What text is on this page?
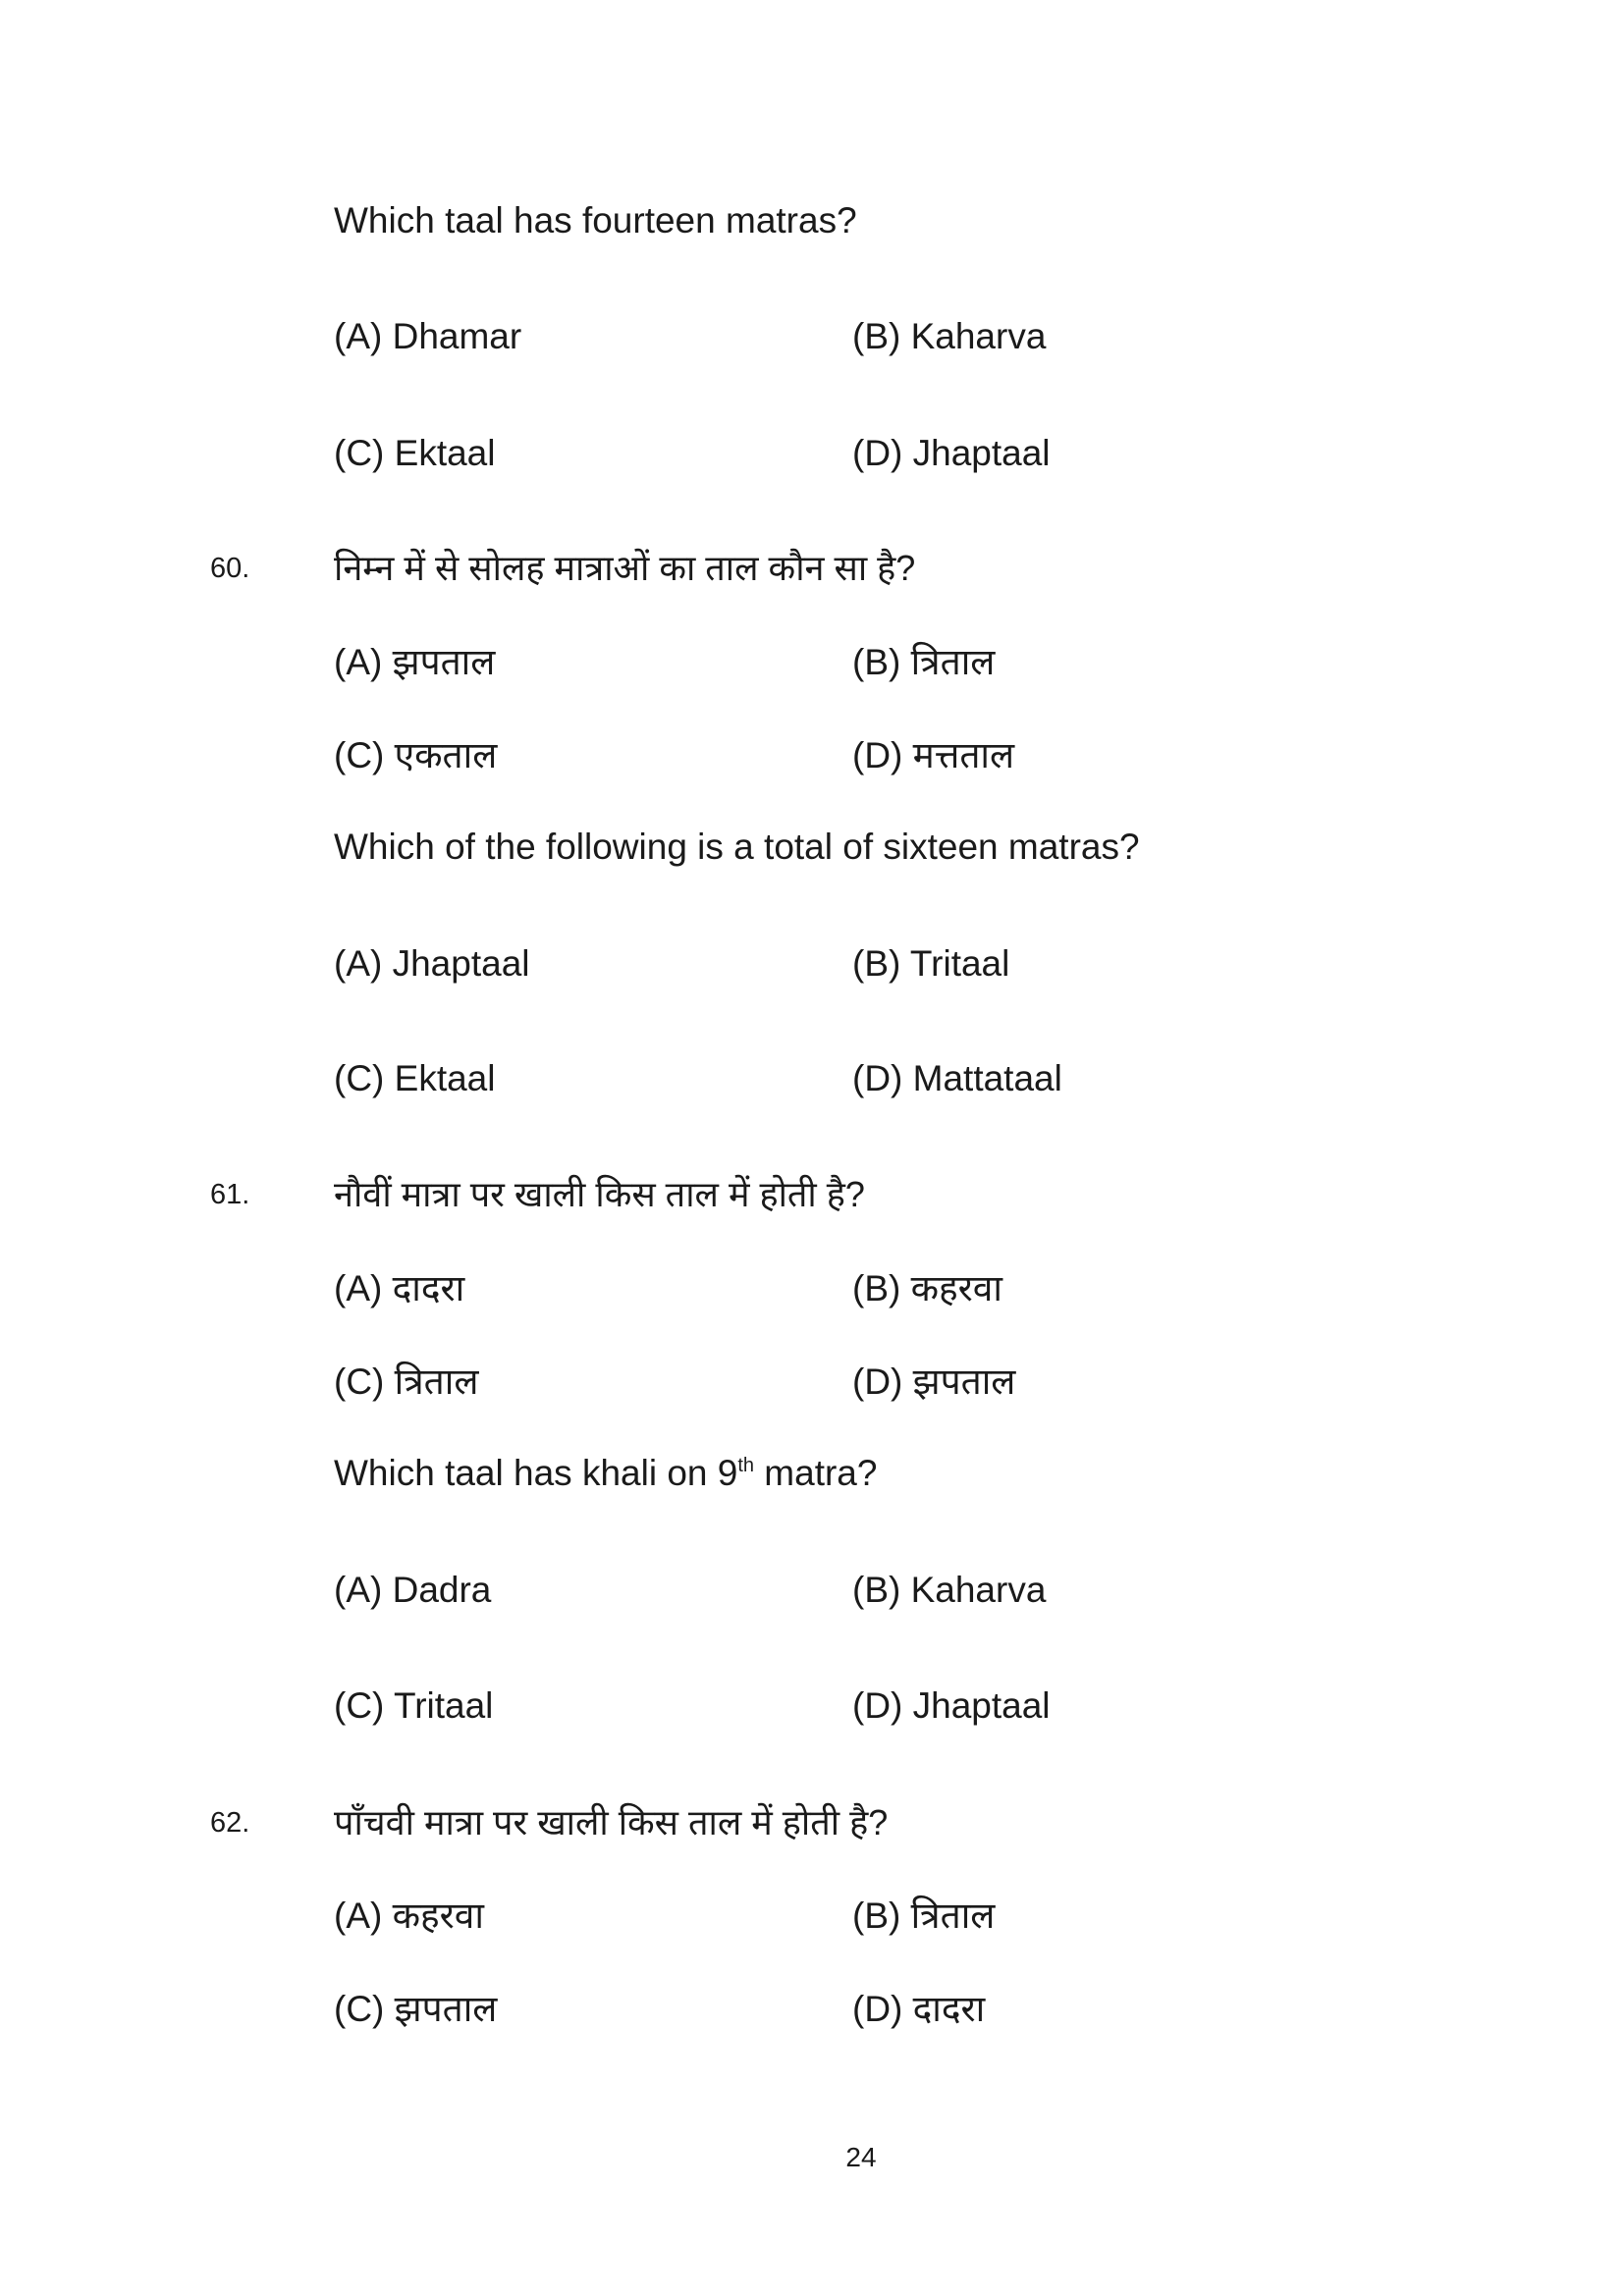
Which taal has fourteen matras?
(A) Dhamar	(B) Kaharva
(C) Ektaal	(D) Jhaptaal
60. निम्न में से सोलह मात्राओं का ताल कौन सा है?
(A) झपताल	(B) त्रिताल
(C) एकताल	(D) मत्तताल
Which of the following is a total of sixteen matras?
(A) Jhaptaal	(B) Tritaal
(C) Ektaal	(D) Mattataal
61. नौवीं मात्रा पर खाली किस ताल में होती है?
(A) दादरा	(B) कहरवा
(C) त्रिताल	(D) झपताल
Which taal has khali on 9th matra?
(A) Dadra	(B) Kaharva
(C) Tritaal	(D) Jhaptaal
62. पाँचवी मात्रा पर खाली किस ताल में होती है?
(A) कहरवा	(B) त्रिताल
(C) झपताल	(D) दादरा
24
